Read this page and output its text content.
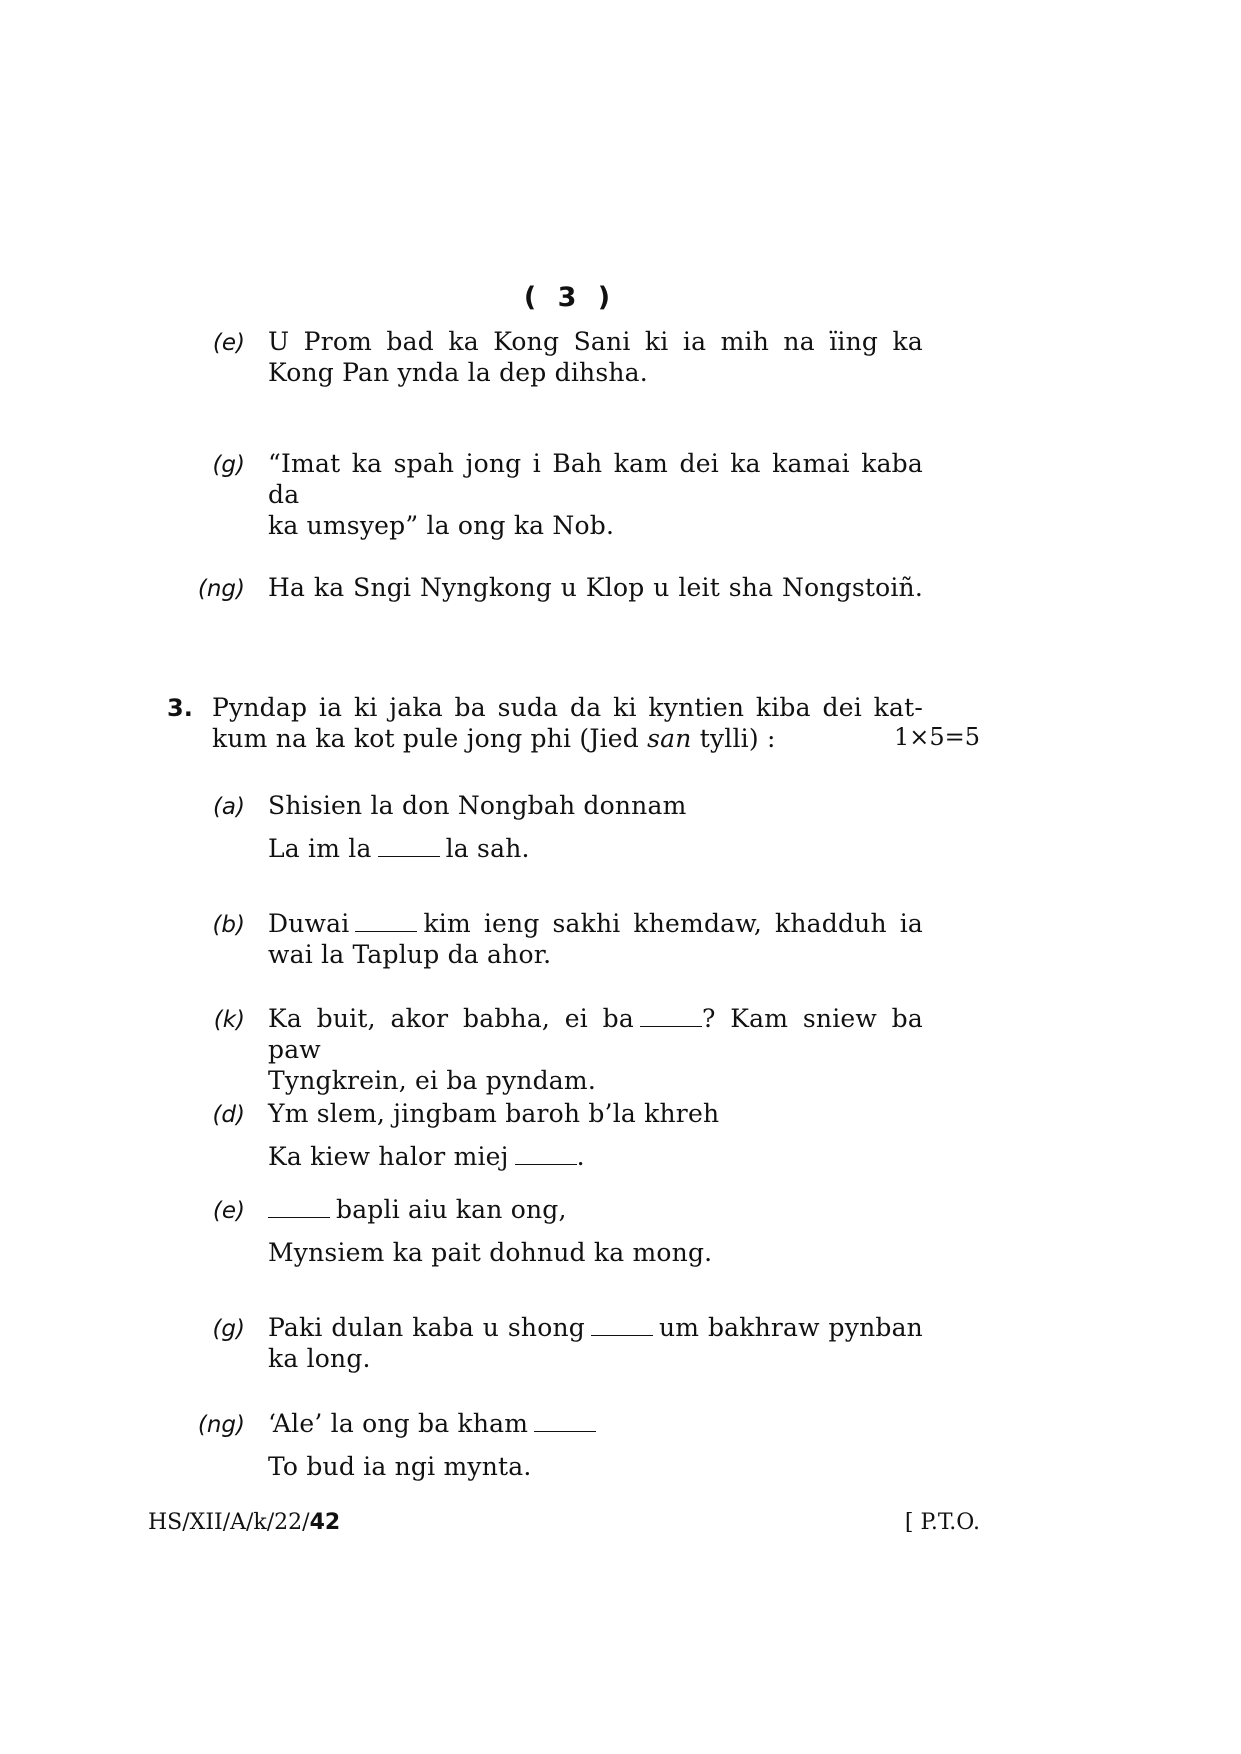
( 3 )
(e) U Prom bad ka Kong Sani ki ia mih na ïing ka
Kong Pan ynda la dep dihsha.
(g) “Imat ka spah jong i Bah kam dei ka kamai kaba da
ka umsyep” la ong ka Nob.
(ng) Ha ka Sngi Nyngkong u Klop u leit sha Nongstoiñ.
3. Pyndap ia ki jaka ba suda da ki kyntien kiba dei kat-
kum na ka kot pule jong phi (Jied san tylli) :	1×5=5
(a) Shisien la don Nongbah donnam
La im la	la sah.
(b) Duwai	kim ieng sakhi khemdaw, khadduh ia
wai la Taplup da ahor.
(k) Ka buit, akor babha, ei ba	? Kam sniew ba paw
Tyngkrein, ei ba pyndam.
(d) Ym slem, jingbam baroh b’la khreh
Ka kiew halor miej	.
(e)	bapli aiu kan ong,
Mynsiem ka pait dohnud ka mong.
(g) Paki dulan kaba u shong	um bakhraw pynban
ka long.
(ng) ‘Ale’ la ong ba kham
To bud ia ngi mynta.
HS/XII/A/k/22/42	[ P.T.O.
